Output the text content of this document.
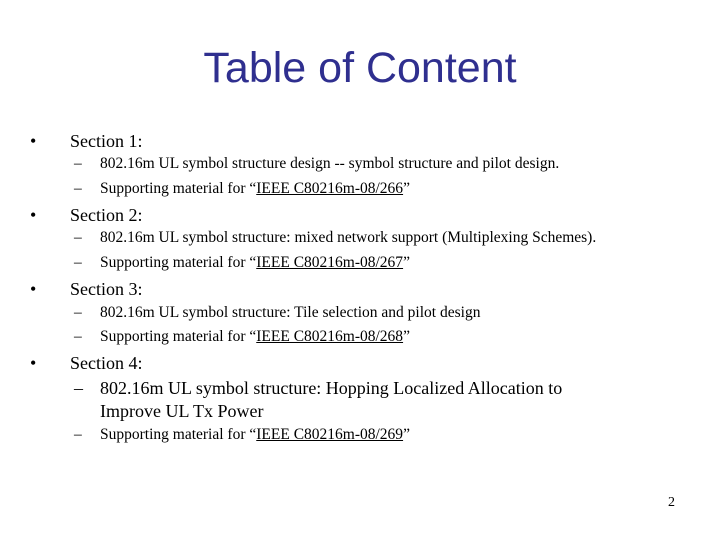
Table of Content
• Section 1:
– 802.16m UL symbol structure design -- symbol structure and pilot design.
– Supporting material for “IEEE C80216m-08/266”
• Section 2:
– 802.16m UL symbol structure: mixed network support (Multiplexing Schemes).
– Supporting material for “IEEE C80216m-08/267”
• Section 3:
– 802.16m UL symbol structure: Tile selection and pilot design
– Supporting material for “IEEE C80216m-08/268”
• Section 4:
– 802.16m UL symbol structure: Hopping Localized Allocation to
Improve UL Tx Power
– Supporting material for “IEEE C80216m-08/269”
2
